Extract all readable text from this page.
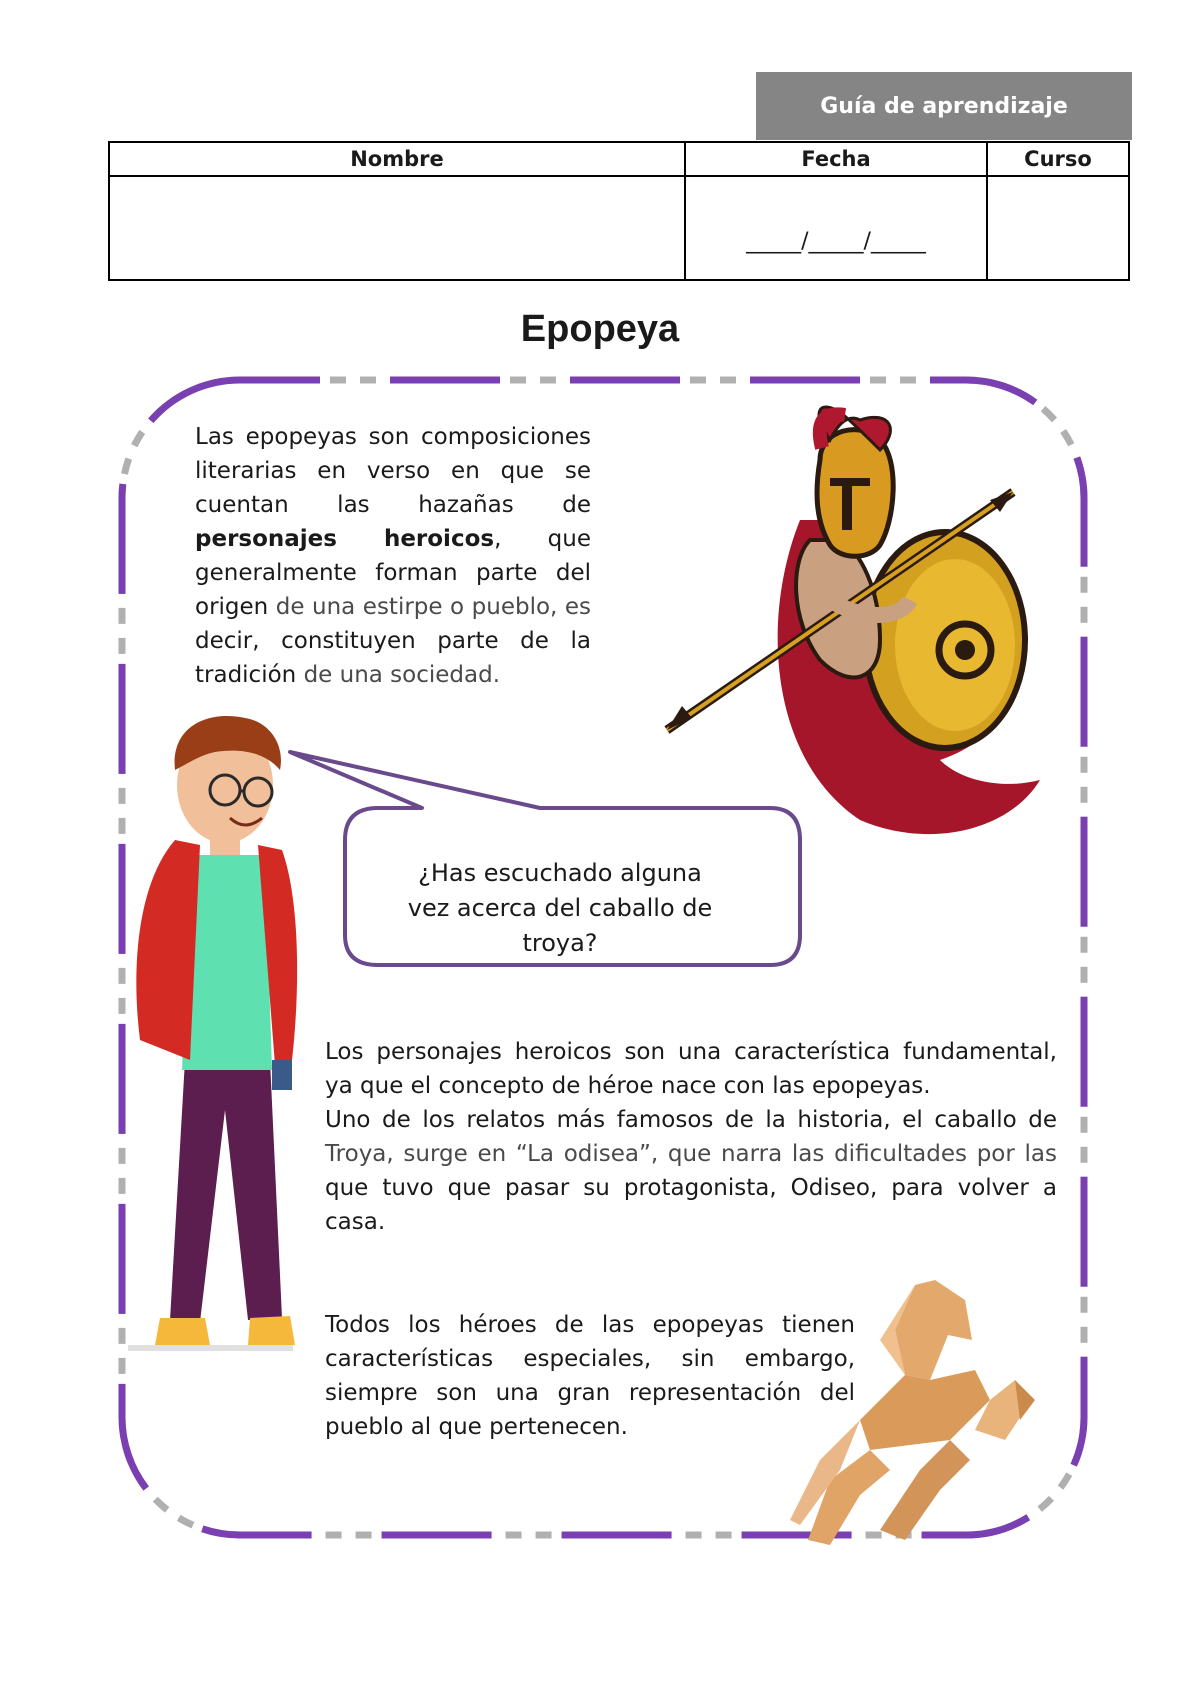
Guía de aprendizaje
Nombre	Fecha	Curso
	_____/_____/_____	
Epopeya
Las epopeyas son composiciones literarias en verso en que se cuentan las hazañas de personajes heroicos, que generalmente forman parte del origen de una estirpe o pueblo, es decir, constituyen parte de la tradición de una sociedad.
¿Has escuchado alguna vez acerca del caballo de troya?

Los personajes heroicos son una característica fundamental, ya que el concepto de héroe nace con las epopeyas.

Uno de los relatos más famosos de la historia, el caballo de Troya, surge en “La odisea”, que narra las dificultades por las que tuvo que pasar su protagonista, Odiseo, para volver a casa.

Todos los héroes de las epopeyas tienen características especiales, sin embargo, siempre son una gran representación del pueblo al que pertenecen.
